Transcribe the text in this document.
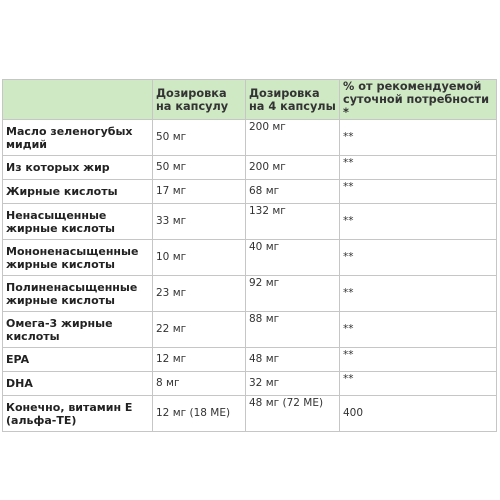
	Дозировка на капсулу	Дозировка на 4 капсулы	% от рекомендуемой суточной потребности *
Масло зеленогубых мидий	50 мг	200 мг	**
Из которых жир	50 мг	200 мг	**
Жирные кислоты	17 мг	68 мг	**
Ненасыщенные жирные кислоты	33 мг	132 мг	**
Мононенасыщенные жирные кислоты	10 мг	40 мг	**
Полиненасыщенные жирные кислоты	23 мг	92 мг	**
Омега-3 жирные кислоты	22 мг	88 мг	**
EPA	12 мг	48 мг	**
DHA	8 мг	32 мг	**
Конечно, витамин Е (альфа-ТЕ)	12 мг (18 МЕ)	48 мг (72 МЕ)	400
